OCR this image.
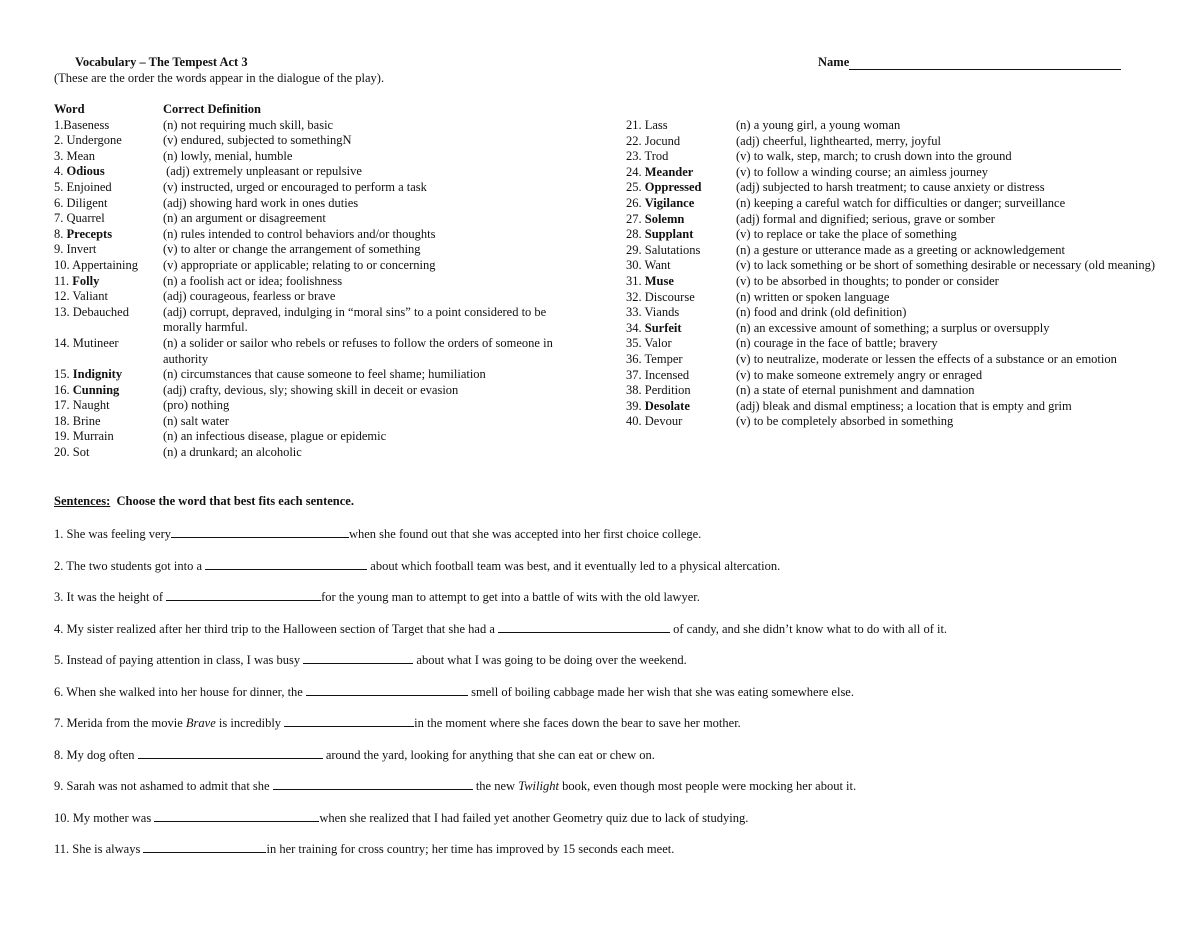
Vocabulary – The Tempest Act 3	Name
(These are the order the words appear in the dialogue of the play).
Word	Correct Definition
1.Baseness	(n) not requiring much skill, basic
2. Undergone	(v) endured, subjected to somethingN
3. Mean	(n) lowly, menial, humble
4. Odious	(adj) extremely unpleasant or repulsive
5. Enjoined	(v) instructed, urged or encouraged to perform a task
6. Diligent	(adj) showing hard work in ones duties
7. Quarrel	(n) an argument or disagreement
8. Precepts	(n) rules intended to control behaviors and/or thoughts
9. Invert	(v) to alter or change the arrangement of something
10. Appertaining	(v) appropriate or applicable; relating to or concerning
11. Folly	(n) a foolish act or idea; foolishness
12. Valiant	(adj) courageous, fearless or brave
13. Debauched	(adj) corrupt, depraved, indulging in “moral sins” to a point considered to be morally harmful.
14. Mutineer	(n) a solider or sailor who rebels or refuses to follow the orders of someone in authority
15. Indignity	(n) circumstances that cause someone to feel shame; humiliation
16. Cunning	(adj) crafty, devious, sly; showing skill in deceit or evasion
17. Naught	(pro) nothing
18. Brine	(n) salt water
19. Murrain	(n) an infectious disease, plague or epidemic
20. Sot	(n) a drunkard; an alcoholic
21. Lass	(n) a young girl, a young woman
22. Jocund	(adj) cheerful, lighthearted, merry, joyful
23. Trod	(v) to walk, step, march; to crush down into the ground
24. Meander	(v) to follow a winding course; an aimless journey
25. Oppressed	(adj) subjected to harsh treatment; to cause anxiety or distress
26. Vigilance	(n) keeping a careful watch for difficulties or danger; surveillance
27. Solemn	(adj) formal and dignified; serious, grave or somber
28. Supplant	(v) to replace or take the place of something
29. Salutations	(n) a gesture or utterance made as a greeting or acknowledgement
30. Want	(v) to lack something or be short of something desirable or necessary (old meaning)
31. Muse	(v) to be absorbed in thoughts; to ponder or consider
32. Discourse	(n) written or spoken language
33. Viands	(n) food and drink (old definition)
34. Surfeit	(n) an excessive amount of something; a surplus or oversupply
35. Valor	(n) courage in the face of battle; bravery
36. Temper	(v) to neutralize, moderate or lessen the effects of a substance or an emotion
37. Incensed	(v) to make someone extremely angry or enraged
38. Perdition	(n) a state of eternal punishment and damnation
39. Desolate	(adj) bleak and dismal emptiness; a location that is empty and grim
40. Devour	(v) to be completely absorbed in something
Sentences:  Choose the word that best fits each sentence.
1. She was feeling very	when she found out that she was accepted into her first choice college.
2. The two students got into a	about which football team was best, and it eventually led to a physical altercation.
3. It was the height of	for the young man to attempt to get into a battle of wits with the old lawyer.
4. My sister realized after her third trip to the Halloween section of Target that she had a	of candy, and she didn’t know what to do with all of it.
5. Instead of paying attention in class, I was busy	about what I was going to be doing over the weekend.
6. When she walked into her house for dinner, the	smell of boiling cabbage made her wish that she was eating somewhere else.
7. Merida from the movie Brave is incredibly	in the moment where she faces down the bear to save her mother.
8. My dog often	around the yard, looking for anything that she can eat or chew on.
9. Sarah was not ashamed to admit that she	the new Twilight book, even though most people were mocking her about it.
10. My mother was	when she realized that I had failed yet another Geometry quiz due to lack of studying.
11. She is always	in her training for cross country; her time has improved by 15 seconds each meet.
